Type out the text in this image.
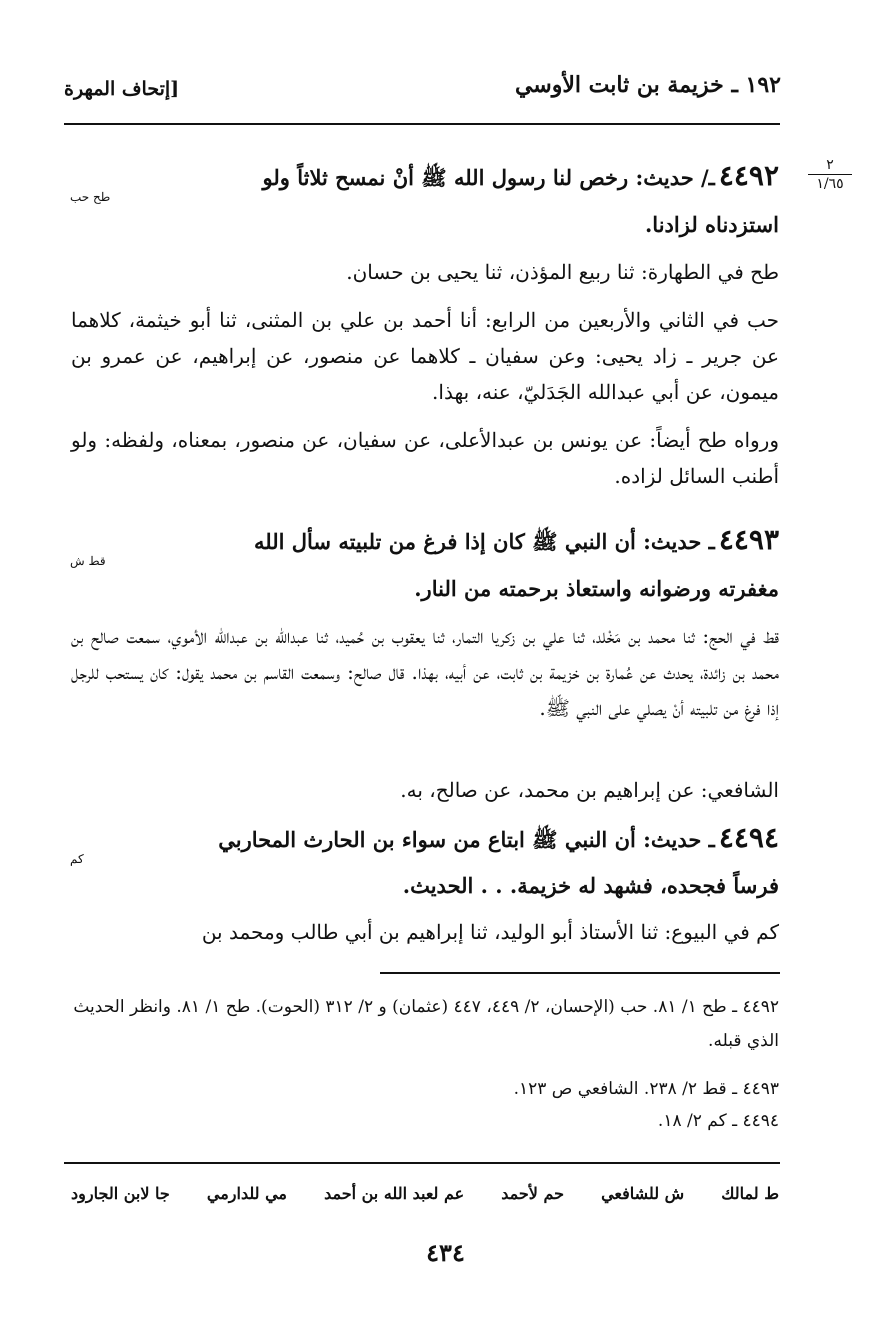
١٩٢ ـ خزيمة بن ثابت الأوسي
[إتحاف المهرة
٢
١/٦٥
٤٤٩٢ـ/ حديث: رخص لنا رسول الله ﷺ أنْ نمسح ثلاثاً ولو
طح حب
استزدناه لزادنا.
طح في الطهارة: ثنا ربيع المؤذن، ثنا يحيى بن حسان.
حب في الثاني والأربعين من الرابع: أنا أحمد بن علي بن المثنى، ثنا أبو خيثمة، كلاهما عن جرير ـ زاد يحيى: وعن سفيان ـ كلاهما عن منصور، عن إبراهيم، عن عمرو بن ميمون، عن أبي عبدالله الجَدَليّ، عنه، بهذا.
ورواه طح أيضاً: عن يونس بن عبدالأعلى، عن سفيان، عن منصور، بمعناه، ولفظه: ولو أطنب السائل لزاده.
٤٤٩٣ـ حديث: أن النبي ﷺ كان إذا فرغ من تلبيته سأل الله
قط ش
مغفرته ورضوانه واستعاذ برحمته من النار.
قط في الحج: ثنا محمد بن مَخْلد، ثنا علي بن زكريا التمار، ثنا يعقوب بن حُميد، ثنا عبدالله بن عبدالله الأموي، سمعت صالح بن محمد بن زائدة، يحدث عن عُمارة بن خزيمة بن ثابت، عن أبيه، بهذا. قال صالح: وسمعت القاسم بن محمد يقول: كان يستحب للرجل إذا فرغ من تلبيته أنْ يصلي على النبي ﷺ.
الشافعي: عن إبراهيم بن محمد، عن صالح، به.
٤٤٩٤ـ حديث: أن النبي ﷺ ابتاع من سواء بن الحارث المحاربي
كم
فرساً فجحده، فشهد له خزيمة. . . الحديث.
كم في البيوع: ثنا الأستاذ أبو الوليد، ثنا إبراهيم بن أبي طالب ومحمد بن
٤٤٩٢ ـ طح ١/ ٨١. حب (الإحسان، ٢/ ٤٤٩، ٤٤٧ (عثمان) و ٢/ ٣١٢ (الحوت). طح ١/ ٨١. وانظر الحديث الذي قبله.
٤٤٩٣ ـ قط ٢/ ٢٣٨. الشافعي ص ١٢٣.
٤٤٩٤ ـ كم ٢/ ١٨.
ط لمالك
ش للشافعي
حم لأحمد
عم لعبد الله بن أحمد
مي للدارمي
جا لابن الجارود
٤٣٤
